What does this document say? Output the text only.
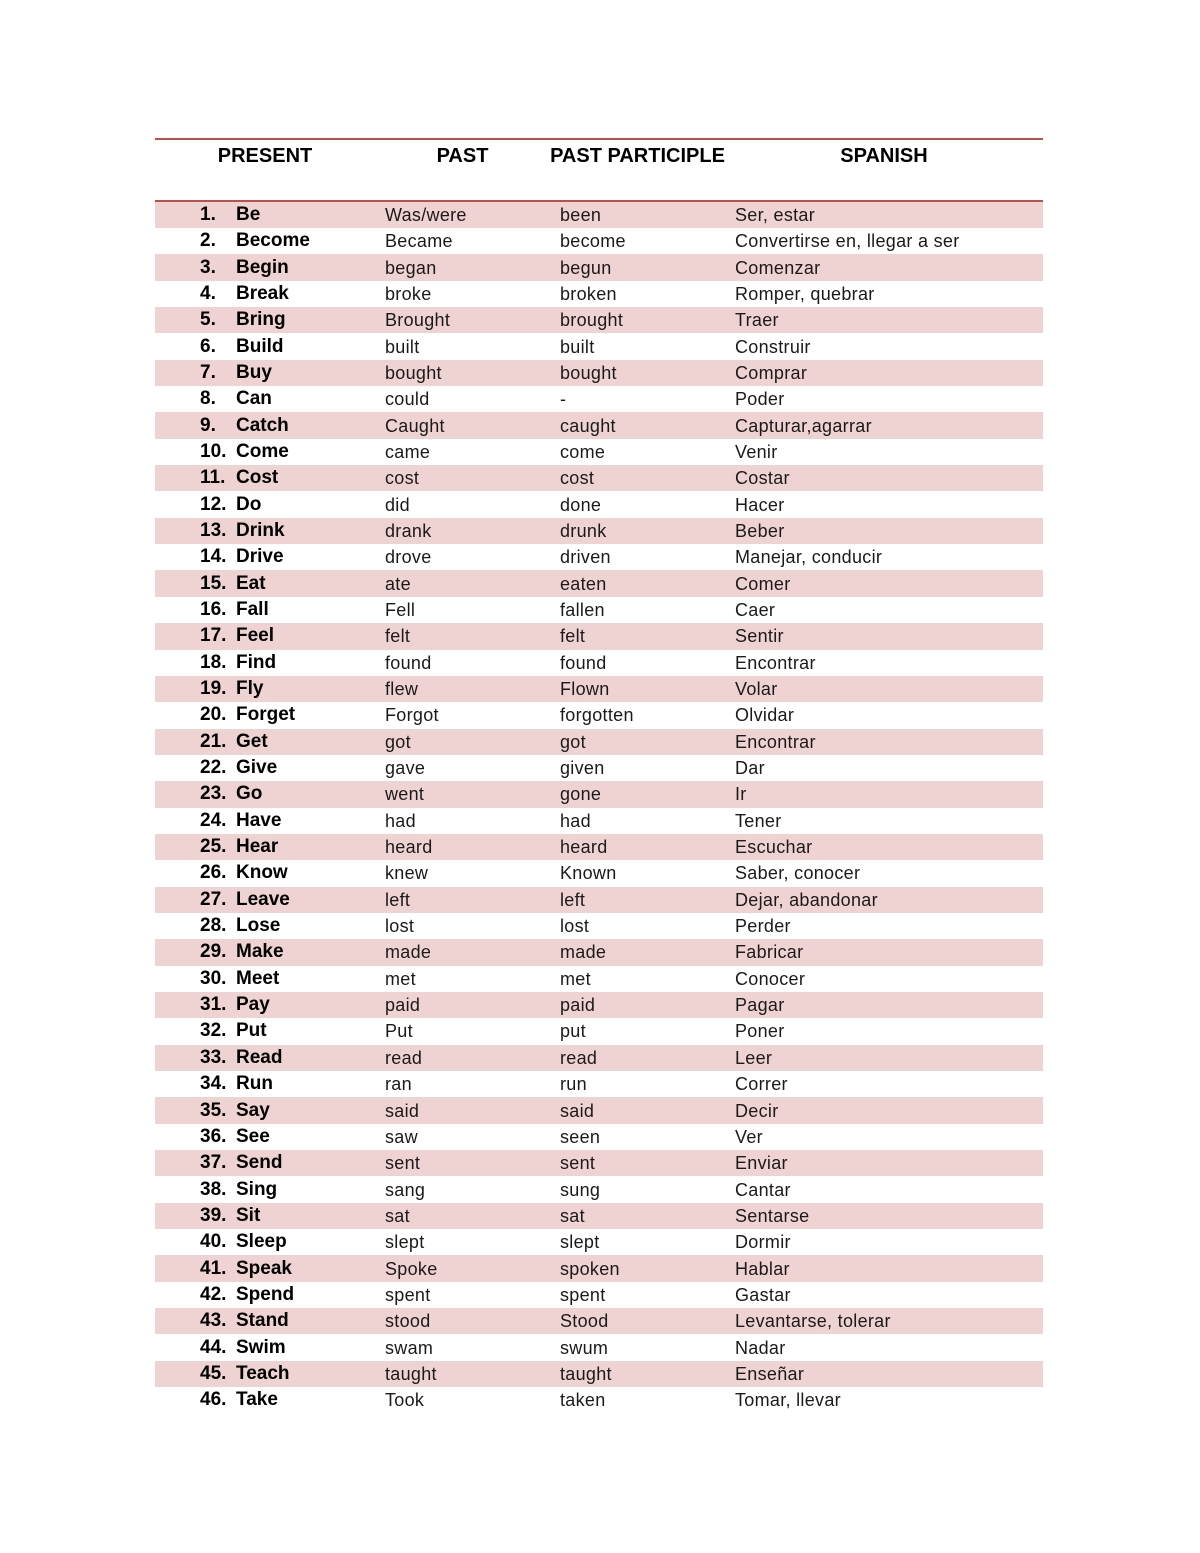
PRESENT	PAST	PAST PARTICIPLE	SPANISH
1. Be	Was/were	been	Ser, estar
2. Become	Became	become	Convertirse en, llegar a ser
3. Begin	began	begun	Comenzar
4. Break	broke	broken	Romper, quebrar
5. Bring	Brought	brought	Traer
6. Build	built	built	Construir
7. Buy	bought	bought	Comprar
8. Can	could	-	Poder
9. Catch	Caught	caught	Capturar,agarrar
10. Come	came	come	Venir
11. Cost	cost	cost	Costar
12. Do	did	done	Hacer
13. Drink	drank	drunk	Beber
14. Drive	drove	driven	Manejar, conducir
15. Eat	ate	eaten	Comer
16. Fall	Fell	fallen	Caer
17. Feel	felt	felt	Sentir
18. Find	found	found	Encontrar
19. Fly	flew	Flown	Volar
20. Forget	Forgot	forgotten	Olvidar
21. Get	got	got	Encontrar
22. Give	gave	given	Dar
23. Go	went	gone	Ir
24. Have	had	had	Tener
25. Hear	heard	heard	Escuchar
26. Know	knew	Known	Saber, conocer
27. Leave	left	left	Dejar, abandonar
28. Lose	lost	lost	Perder
29. Make	made	made	Fabricar
30. Meet	met	met	Conocer
31. Pay	paid	paid	Pagar
32. Put	Put	put	Poner
33. Read	read	read	Leer
34. Run	ran	run	Correr
35. Say	said	said	Decir
36. See	saw	seen	Ver
37. Send	sent	sent	Enviar
38. Sing	sang	sung	Cantar
39. Sit	sat	sat	Sentarse
40. Sleep	slept	slept	Dormir
41. Speak	Spoke	spoken	Hablar
42. Spend	spent	spent	Gastar
43. Stand	stood	Stood	Levantarse, tolerar
44. Swim	swam	swum	Nadar
45. Teach	taught	taught	Enseñar
46. Take	Took	taken	Tomar, llevar
